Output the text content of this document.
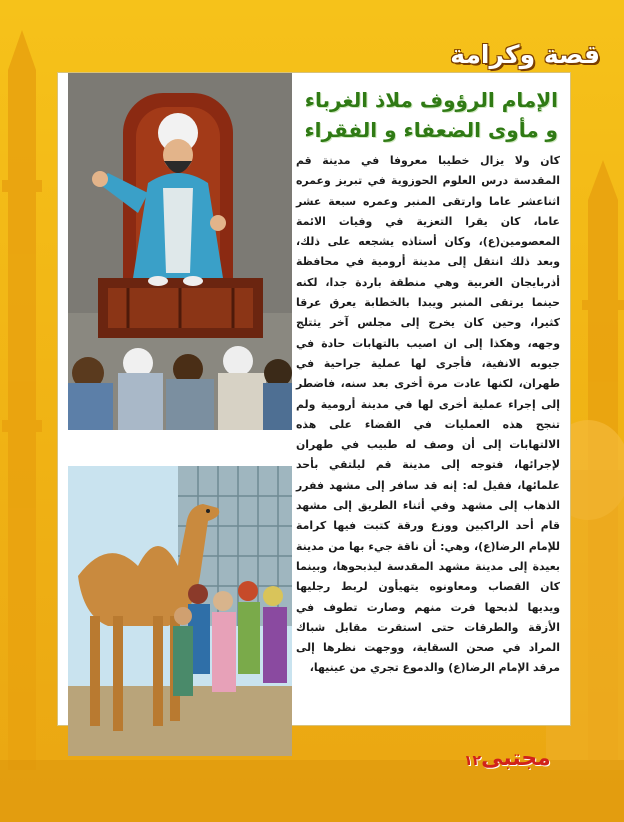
قصة وكرامة
الإمام الرؤوف ملاذ الغرباء
و مأوى الضعفاء و الفقراء

كان ولا يزال خطيبا معروفا في مدينة قم المقدسة درس العلوم الحوزوية في تبريز وعمره اثناعشر عاما وارتقى المنبر وعمره سبعة عشر عاما، كان يقرا التعزية في وفيات الائمة المعصومين(ع)، وكان أستاذه يشجعه على ذلك، وبعد ذلك انتقل إلى مدينة أرومية في محافظة أذربايجان الغربية وهي منطقة باردة جدا، لكنه حينما يرتقى المنبر ويبدا بالخطابة يعرق عرقا كثيرا، وحين كان يخرج إلى مجلس آخر يثتلج وجهه، وهكذا إلى ان اصيب بالتهابات حادة في جيوبه الانفية، فأجرى لها عملية جراحية في طهران، لكنها عادت مرة أخرى بعد سنه، فاضطر إلى إجراء عملية أخرى لها في مدينة أرومية ولم تنجح هذه العمليات في القضاء على هذه الالتهابات إلى أن وصف له طبيب في طهران لإجرائها، فتوجه إلى مدينة قم ليلتقي بأحد علمائها، فقيل له: إنه قد سافر إلى مشهد ففرر الذهاب إلى مشهد وفي أثناء الطريق إلى مشهد قام أحد الراكبين ووزع ورقة كتبت فيها كرامة للإمام الرضا(ع)، وهي: أن ناقة جيء بها من مدينة بعيدة إلى مدينة مشهد المقدسة ليذبحوها، وبينما كان القصاب ومعاونوه يتهيأون لربط رجليها ويديها لذبحها فرت منهم وصارت تطوف في الأزقة والطرقات حتى استقرت مقابل شباك المراد في صحن السقاية، ووجهت نظرها إلى مرقد الإمام الرضا(ع) والدموع تجري من عينيها،

مجتبى١٢
